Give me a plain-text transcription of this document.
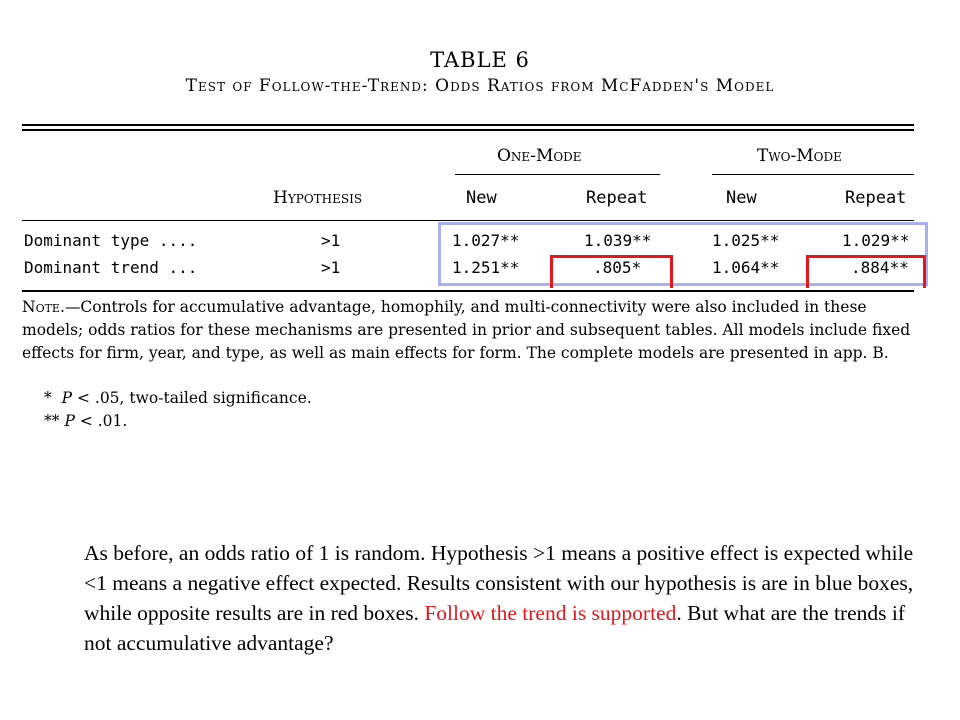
TABLE 6
Test of Follow-the-Trend: Odds Ratios from McFadden's Model
One-Mode	Two-Mode
Hypothesis	New	Repeat	New	Repeat
Dominant type ....	>1	1.027**	1.039**	1.025**	1.029**
Dominant trend ...	>1	1.251**	.805*	1.064**	.884**
Note.—Controls for accumulative advantage, homophily, and multi-connectivity were also included in these models; odds ratios for these mechanisms are presented in prior and subsequent tables. All models include fixed effects for firm, year, and type, as well as main effects for form. The complete models are presented in app. B.
* P < .05, two-tailed significance.
** P < .01.
As before, an odds ratio of 1 is random. Hypothesis >1 means a positive effect is expected while <1 means a negative effect expected. Results consistent with our hypothesis is are in blue boxes, while opposite results are in red boxes. Follow the trend is supported. But what are the trends if not accumulative advantage?
